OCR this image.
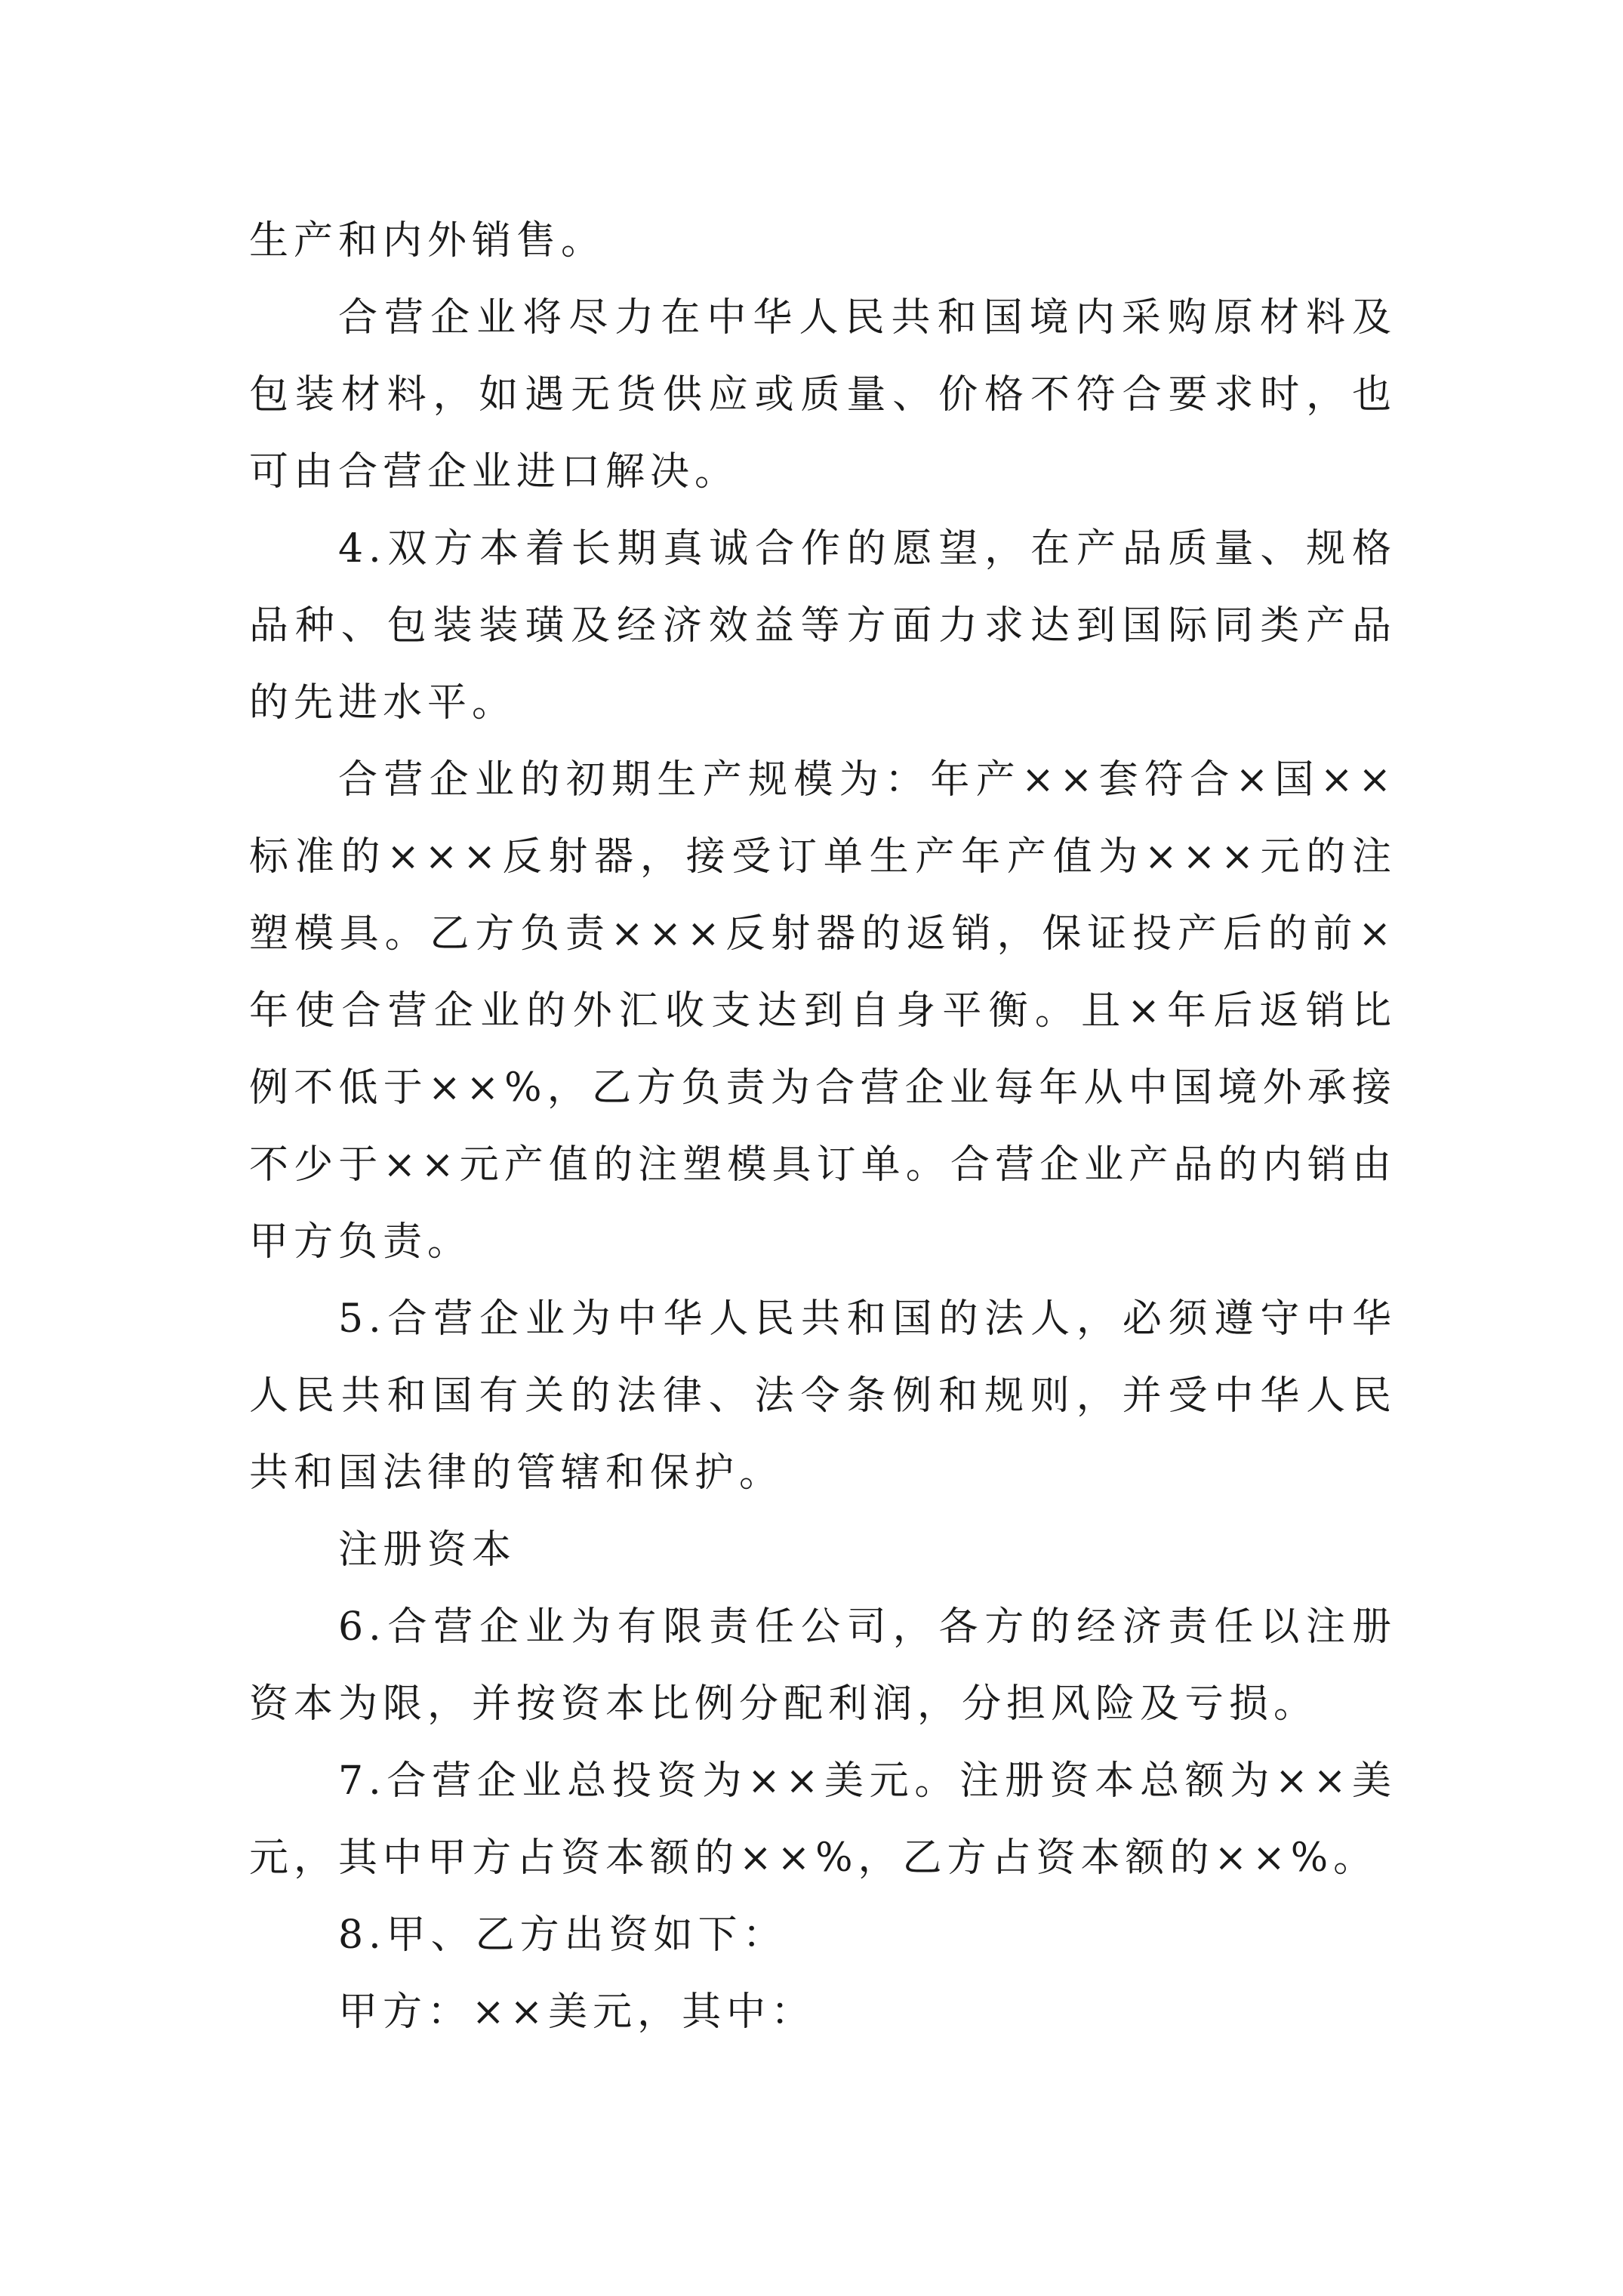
生产和内外销售。

合营企业将尽力在中华人民共和国境内采购原材料及包装材料，如遇无货供应或质量、价格不符合要求时，也可由合营企业进口解决。

4.双方本着长期真诚合作的愿望，在产品质量、规格品种、包装装璜及经济效益等方面力求达到国际同类产品的先进水平。

合营企业的初期生产规模为：年产××套符合×国××标准的×××反射器，接受订单生产年产值为×××元的注塑模具。乙方负责×××反射器的返销，保证投产后的前×年使合营企业的外汇收支达到自身平衡。且×年后返销比例不低于××%，乙方负责为合营企业每年从中国境外承接不少于××元产值的注塑模具订单。合营企业产品的内销由甲方负责。

5.合营企业为中华人民共和国的法人，必须遵守中华人民共和国有关的法律、法令条例和规则，并受中华人民共和国法律的管辖和保护。

注册资本

6.合营企业为有限责任公司，各方的经济责任以注册资本为限，并按资本比例分配利润，分担风险及亏损。

7.合营企业总投资为××美元。注册资本总额为××美元，其中甲方占资本额的××%，乙方占资本额的××%。

8.甲、乙方出资如下：

甲方：××美元，其中：
